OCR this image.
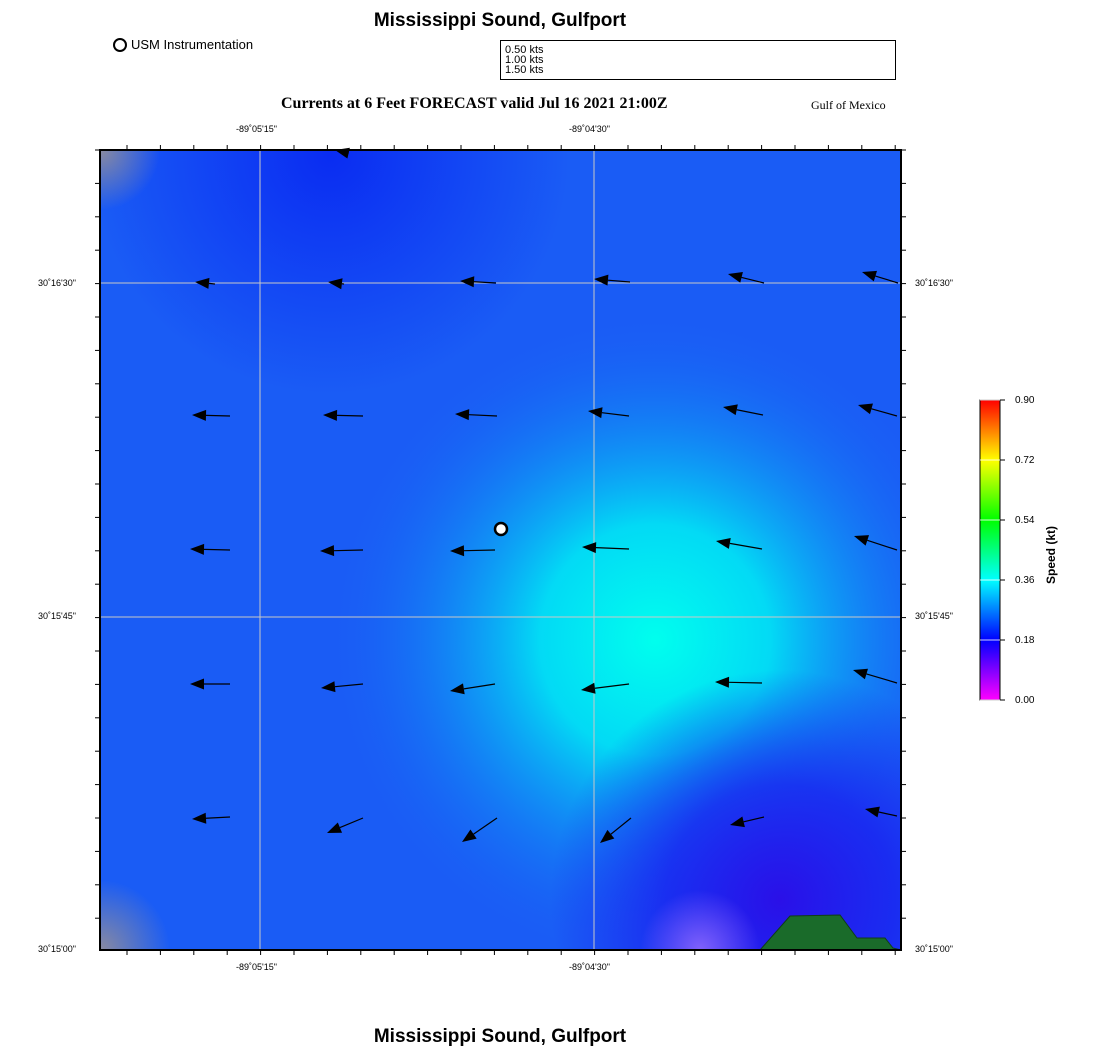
Mississippi Sound, Gulfport
USM Instrumentation	0.50 kts
1.00 kts
1.50 kts
Currents at 6 Feet FORECAST valid Jul 16 2021 21:00Z	Gulf of Mexico
-89˚05'15"	-89˚04'30"
-89˚05'15"	-89˚04'30"
30˚16'30"
30˚15'45"
30˚15'00"
30˚16'30"
30˚15'45"
30˚15'00"
0.90
0.72
0.54
0.36
0.18
0.00
Speed (kt)
Mississippi Sound, Gulfport
